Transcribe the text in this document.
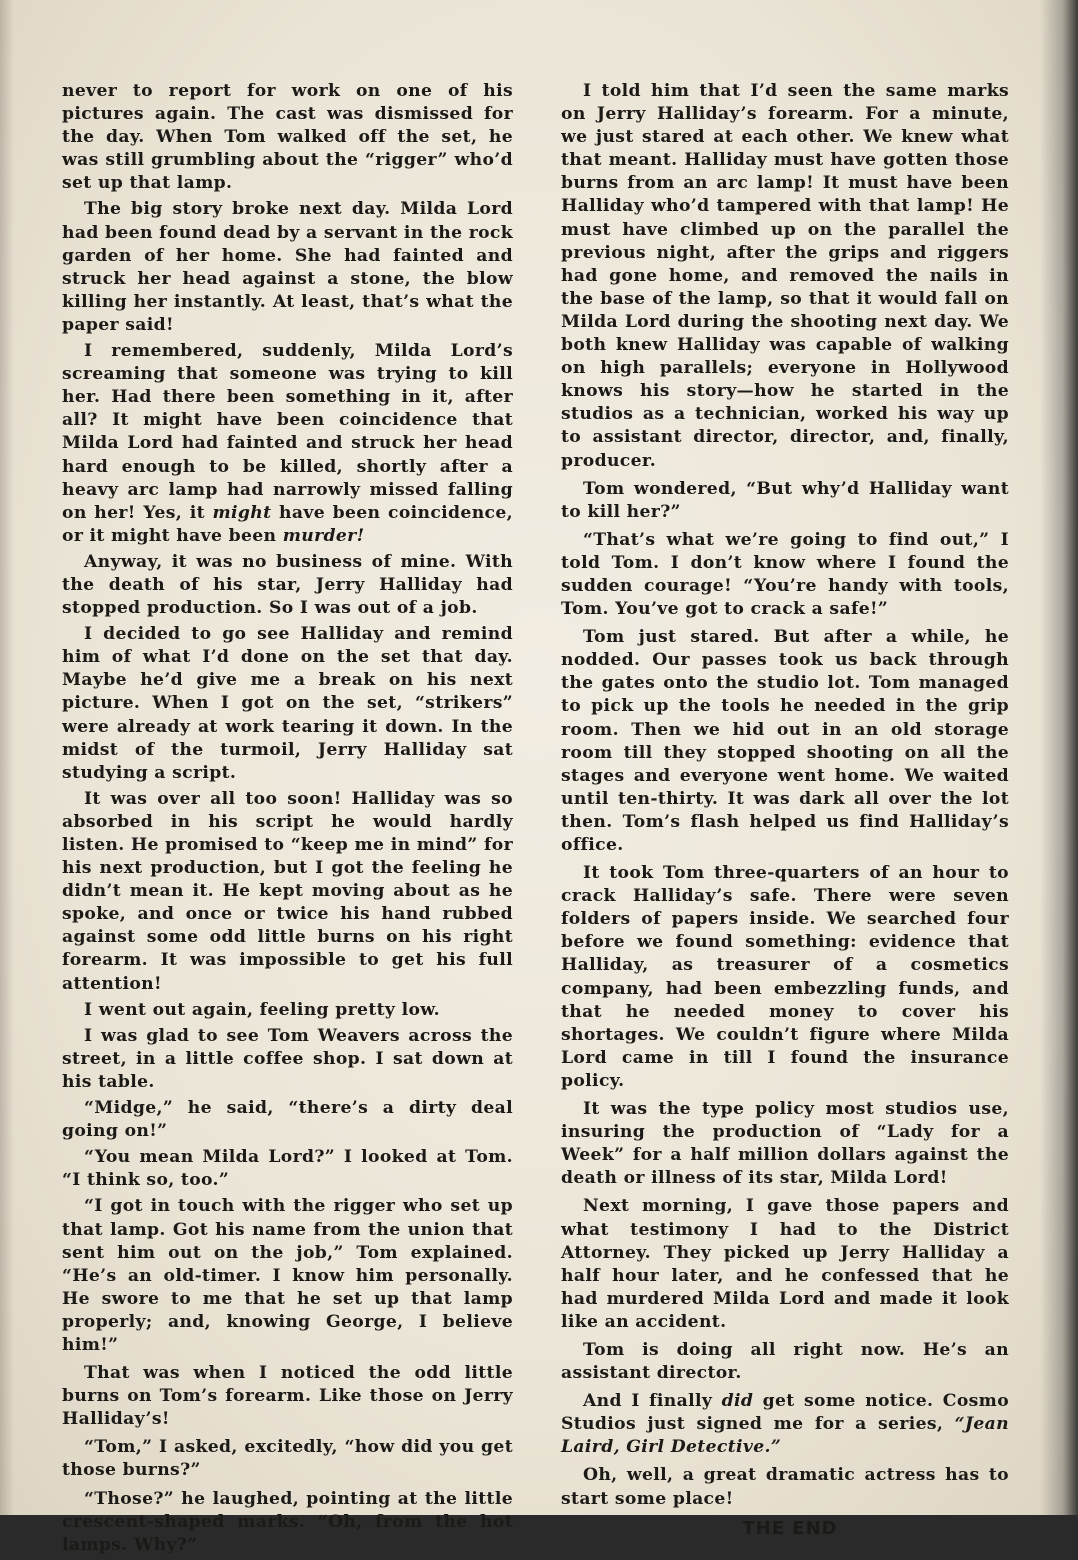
never to report for work on one of his pictures again. The cast was dismissed for the day. When Tom walked off the set, he was still grumbling about the “rigger” who’d set up that lamp.

The big story broke next day. Milda Lord had been found dead by a servant in the rock garden of her home. She had fainted and struck her head against a stone, the blow killing her instantly. At least, that’s what the paper said!

I remembered, suddenly, Milda Lord’s screaming that someone was trying to kill her. Had there been something in it, after all? It might have been coincidence that Milda Lord had fainted and struck her head hard enough to be killed, shortly after a heavy arc lamp had narrowly missed falling on her! Yes, it might have been coincidence, or it might have been murder!

Anyway, it was no business of mine. With the death of his star, Jerry Halliday had stopped production. So I was out of a job.

I decided to go see Halliday and remind him of what I’d done on the set that day. Maybe he’d give me a break on his next picture. When I got on the set, “strikers” were already at work tearing it down. In the midst of the turmoil, Jerry Halliday sat studying a script.

It was over all too soon! Halliday was so absorbed in his script he would hardly listen. He promised to “keep me in mind” for his next production, but I got the feeling he didn’t mean it. He kept moving about as he spoke, and once or twice his hand rubbed against some odd little burns on his right forearm. It was impossible to get his full attention!

I went out again, feeling pretty low.

I was glad to see Tom Weavers across the street, in a little coffee shop. I sat down at his table.

“Midge,” he said, “there’s a dirty deal going on!”

“You mean Milda Lord?” I looked at Tom. “I think so, too.”

“I got in touch with the rigger who set up that lamp. Got his name from the union that sent him out on the job,” Tom explained. “He’s an old-timer. I know him personally. He swore to me that he set up that lamp properly; and, knowing George, I believe him!”

That was when I noticed the odd little burns on Tom’s forearm. Like those on Jerry Halliday’s!

“Tom,” I asked, excitedly, “how did you get those burns?”

“Those?” he laughed, pointing at the little crescent-shaped marks. “Oh, from the hot lamps. Why?”

I told him that I’d seen the same marks on Jerry Halliday’s forearm. For a minute, we just stared at each other. We knew what that meant. Halliday must have gotten those burns from an arc lamp! It must have been Halliday who’d tampered with that lamp! He must have climbed up on the parallel the previous night, after the grips and riggers had gone home, and removed the nails in the base of the lamp, so that it would fall on Milda Lord during the shooting next day. We both knew Halliday was capable of walking on high parallels; everyone in Hollywood knows his story—how he started in the studios as a technician, worked his way up to assistant director, director, and, finally, producer.

Tom wondered, “But why’d Halliday want to kill her?”

“That’s what we’re going to find out,” I told Tom. I don’t know where I found the sudden courage! “You’re handy with tools, Tom. You’ve got to crack a safe!”

Tom just stared. But after a while, he nodded. Our passes took us back through the gates onto the studio lot. Tom managed to pick up the tools he needed in the grip room. Then we hid out in an old storage room till they stopped shooting on all the stages and everyone went home. We waited until ten-thirty. It was dark all over the lot then. Tom’s flash helped us find Halliday’s office.

It took Tom three-quarters of an hour to crack Halliday’s safe. There were seven folders of papers inside. We searched four before we found something: evidence that Halliday, as treasurer of a cosmetics company, had been embezzling funds, and that he needed money to cover his shortages. We couldn’t figure where Milda Lord came in till I found the insurance policy.

It was the type policy most studios use, insuring the production of “Lady for a Week” for a half million dollars against the death or illness of its star, Milda Lord!

Next morning, I gave those papers and what testimony I had to the District Attorney. They picked up Jerry Halliday a half hour later, and he confessed that he had murdered Milda Lord and made it look like an accident.

Tom is doing all right now. He’s an assistant director.

And I finally did get some notice. Cosmo Studios just signed me for a series, “Jean Laird, Girl Detective.”

Oh, well, a great dramatic actress has to start some place!

THE END
